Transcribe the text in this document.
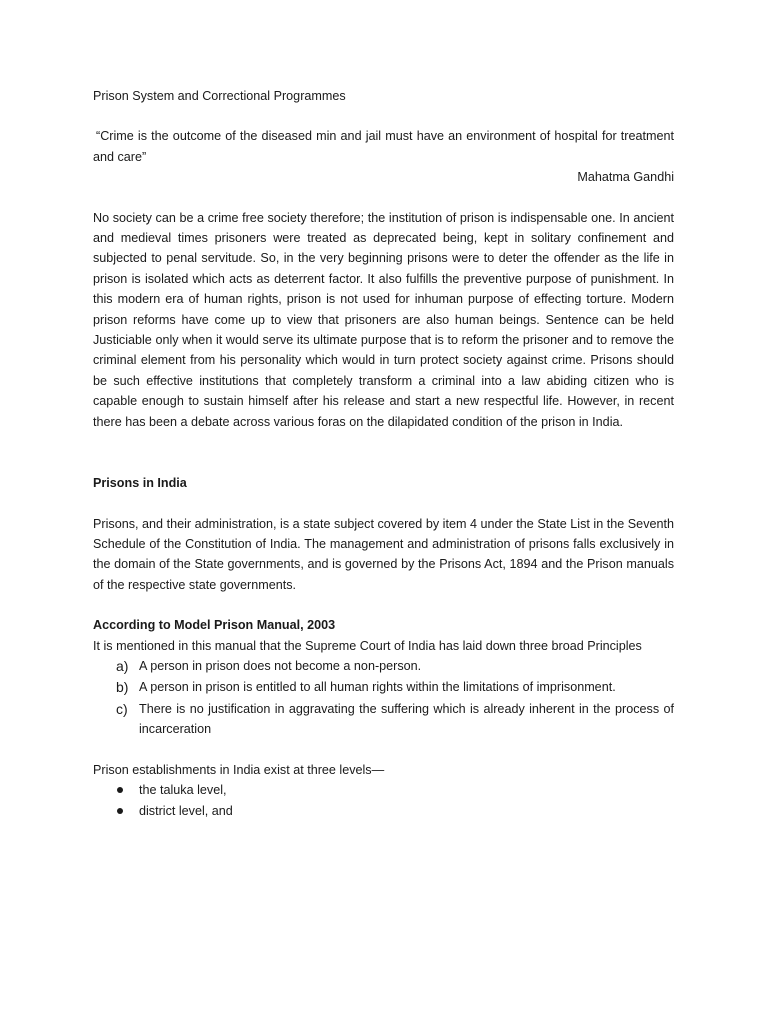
Prison System and Correctional Programmes

“Crime is the outcome of the diseased min and jail must have an environment of hospital for treatment and care”

Mahatma Gandhi

No society can be a crime free society therefore; the institution of prison is indispensable one. In ancient and medieval times prisoners were treated as deprecated being, kept in solitary confinement and subjected to penal servitude. So, in the very beginning prisons were to deter the offender as the life in prison is isolated which acts as deterrent factor. It also fulfills the preventive purpose of punishment. In this modern era of human rights, prison is not used for inhuman purpose of effecting torture. Modern prison reforms have come up to view that prisoners are also human beings. Sentence can be held Justiciable only when it would serve its ultimate purpose that is to reform the prisoner and to remove the criminal element from his personality which would in turn protect society against crime. Prisons should be such effective institutions that completely transform a criminal into a law abiding citizen who is capable enough to sustain himself after his release and start a new respectful life. However, in recent there has been a debate across various foras on the dilapidated condition of the prison in India.

Prisons in India

Prisons, and their administration, is a state subject covered by item 4 under the State List in the Seventh Schedule of the Constitution of India. The management and administration of prisons falls exclusively in the domain of the State governments, and is governed by the Prisons Act, 1894 and the Prison manuals of the respective state governments.

According to Model Prison Manual, 2003

It is mentioned in this manual that the Supreme Court of India has laid down three broad Principles

a) A person in prison does not become a non-person.
b) A person in prison is entitled to all human rights within the limitations of imprisonment.
c) There is no justification in aggravating the suffering which is already inherent in the process of incarceration

Prison establishments in India exist at three levels—

the taluka level,
district level, and
